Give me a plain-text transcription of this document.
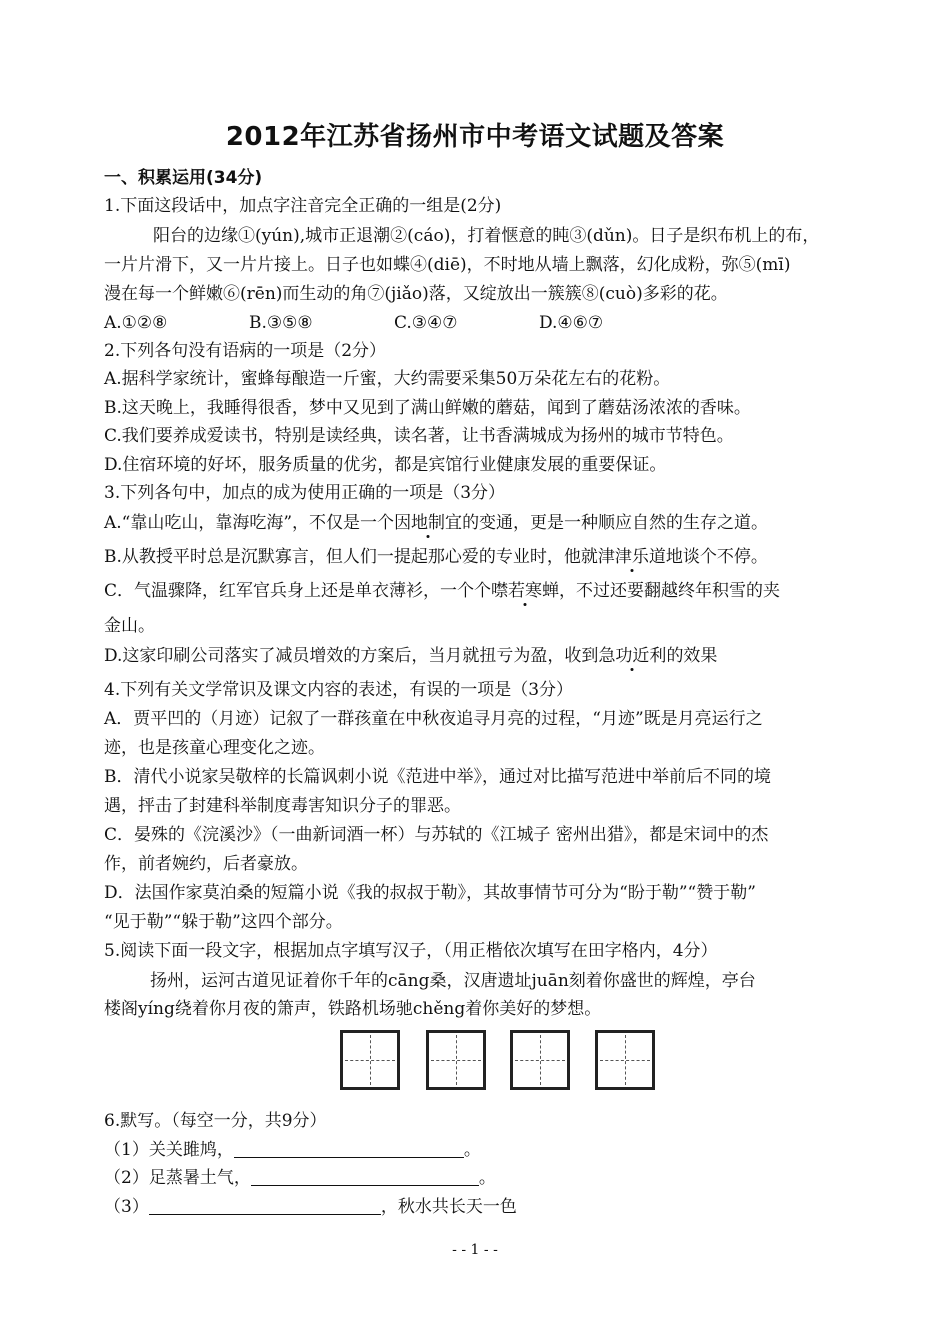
2012年江苏省扬州市中考语文试题及答案
一、积累运用(34分)
1.下面这段话中，加点字注音完全正确的一组是(2分)
阳台的边缘①(yún),城市正退潮②(cáo)，打着惬意的盹③(dǔn)。日子是织布机上的布，
一片片滑下，又一片片接上。日子也如蝶④(diē)，不时地从墙上飘落，幻化成粉，弥⑤(mī)
漫在每一个鲜嫩⑥(rēn)而生动的角⑦(jiǎo)落，又绽放出一簇簇⑧(cuò)多彩的花。
A.①②⑧	B.③⑤⑧	C.③④⑦	D.④⑥⑦
2.下列各句没有语病的一项是（2分）
A.据科学家统计，蜜蜂每酿造一斤蜜，大约需要采集50万朵花左右的花粉。
B.这天晚上，我睡得很香，梦中又见到了满山鲜嫩的蘑菇，闻到了蘑菇汤浓浓的香味。
C.我们要养成爱读书，特别是读经典，读名著，让书香满城成为扬州的城市节特色。
D.住宿环境的好坏，服务质量的优劣，都是宾馆行业健康发展的重要保证。
3.下列各句中，加点的成为使用正确的一项是（3分）
A.“靠山吃山，靠海吃海”，不仅是一个因地制宜的变通，更是一种顺应自然的生存之道。
B.从教授平时总是沉默寡言，但人们一提起那心爱的专业时，他就津津乐道地谈个不停。
C．气温骤降，红军官兵身上还是单衣薄衫，一个个噤若寒蝉，不过还要翻越终年积雪的夹
金山。
D.这家印刷公司落实了减员增效的方案后，当月就扭亏为盈，收到急功近利的效果
4.下列有关文学常识及课文内容的表述，有误的一项是（3分）
A．贾平凹的（月迹）记叙了一群孩童在中秋夜追寻月亮的过程，“月迹”既是月亮运行之
迹，也是孩童心理变化之迹。
B．清代小说家吴敬梓的长篇讽刺小说《范进中举》，通过对比描写范进中举前后不同的境
遇，抨击了封建科举制度毒害知识分子的罪恶。
C．晏殊的《浣溪沙》（一曲新词酒一杯）与苏轼的《江城子 密州出猎》，都是宋词中的杰
作，前者婉约，后者豪放。
D．法国作家莫泊桑的短篇小说《我的叔叔于勒》，其故事情节可分为“盼于勒”“赞于勒”
“见于勒”“躲于勒”这四个部分。
5.阅读下面一段文字，根据加点字填写汉子，（用正楷依次填写在田字格内，4分）
扬州，运河古道见证着你千年的cāng桑，汉唐遗址juān刻着你盛世的辉煌，亭台
楼阁yíng绕着你月夜的箫声，铁路机场驰chěng着你美好的梦想。
6.默写。（每空一分，共9分）
（1）关关雎鸠，	。
（2）足蒸暑土气，	。
（3）	，秋水共长天一色
- - 1 - -
